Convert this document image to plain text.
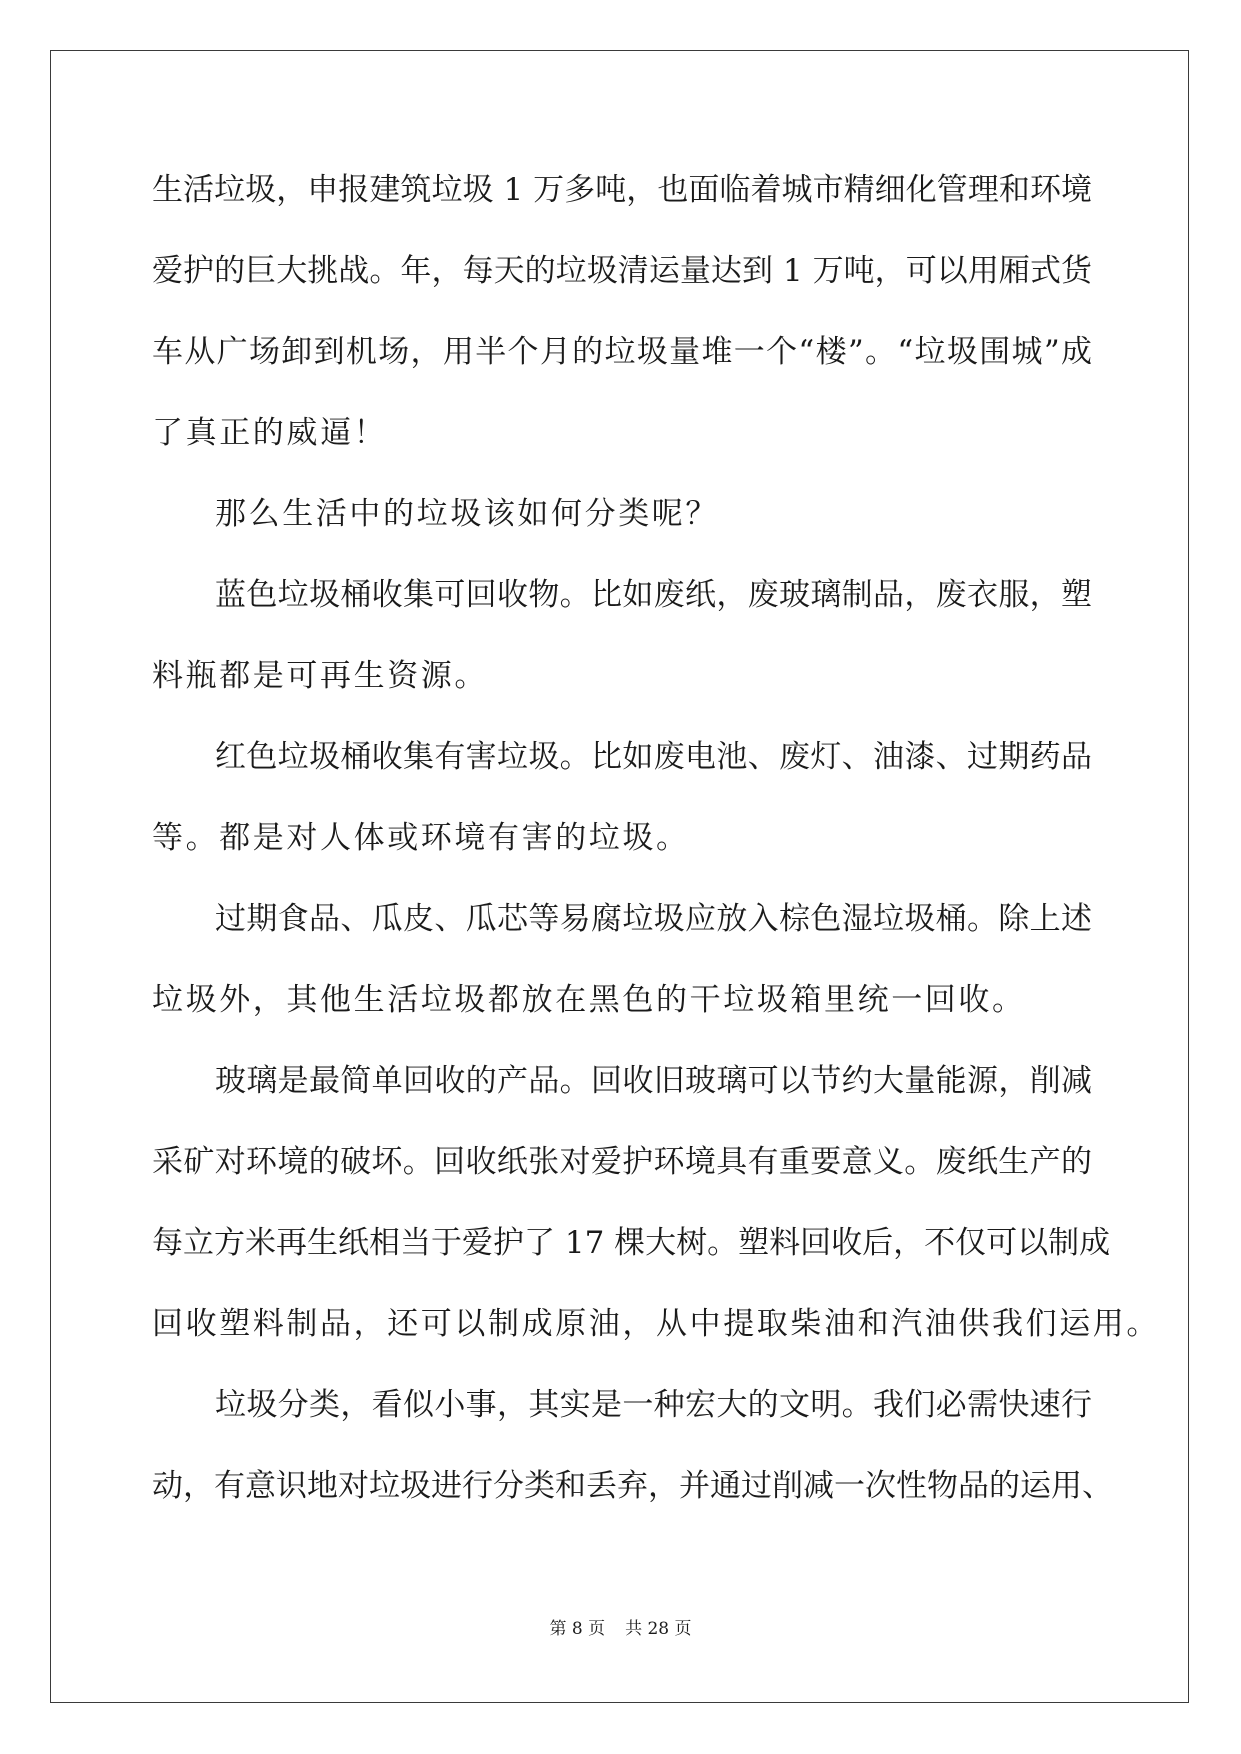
生活垃圾，申报建筑垃圾 1 万多吨，也面临着城市精细化管理和环境
爱护的巨大挑战。年，每天的垃圾清运量达到 1 万吨，可以用厢式货
车从广场卸到机场，用半个月的垃圾量堆一个“楼”。“垃圾围城”成
了真正的威逼！
那么生活中的垃圾该如何分类呢？
蓝色垃圾桶收集可回收物。比如废纸，废玻璃制品，废衣服，塑
料瓶都是可再生资源。
红色垃圾桶收集有害垃圾。比如废电池、废灯、油漆、过期药品
等。都是对人体或环境有害的垃圾。
过期食品、瓜皮、瓜芯等易腐垃圾应放入棕色湿垃圾桶。除上述
垃圾外，其他生活垃圾都放在黑色的干垃圾箱里统一回收。
玻璃是最简单回收的产品。回收旧玻璃可以节约大量能源，削减
采矿对环境的破坏。回收纸张对爱护环境具有重要意义。废纸生产的
每立方米再生纸相当于爱护了 17 棵大树。塑料回收后，不仅可以制成
回收塑料制品，还可以制成原油，从中提取柴油和汽油供我们运用。
垃圾分类，看似小事，其实是一种宏大的文明。我们必需快速行
动，有意识地对垃圾进行分类和丢弃，并通过削减一次性物品的运用、
第 8 页 共 28 页
